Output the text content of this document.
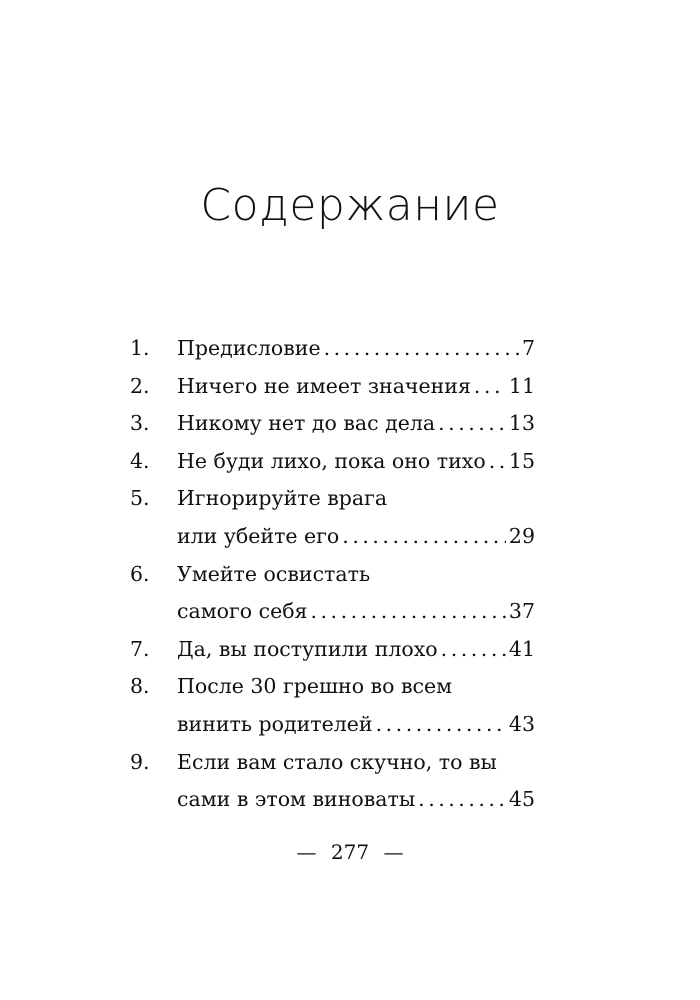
Содержание
1.	Предисловие . . .	7
2.	Ничего не имеет значения . . . 11
3.	Никому нет до вас дела . . .	13
4.	Не буди лихо, пока оно тихо . . . 15
5.	Игнорируйте врага
или убейте его . . .	29
6.	Умейте освистать
самого себя . . .	37
7.	Да, вы поступили плохо . . .	41
8.	После 30 грешно во всем
винить родителей . . .	43
9.	Если вам стало скучно, то вы
сами в этом виноваты . . .	45
— 277 —
